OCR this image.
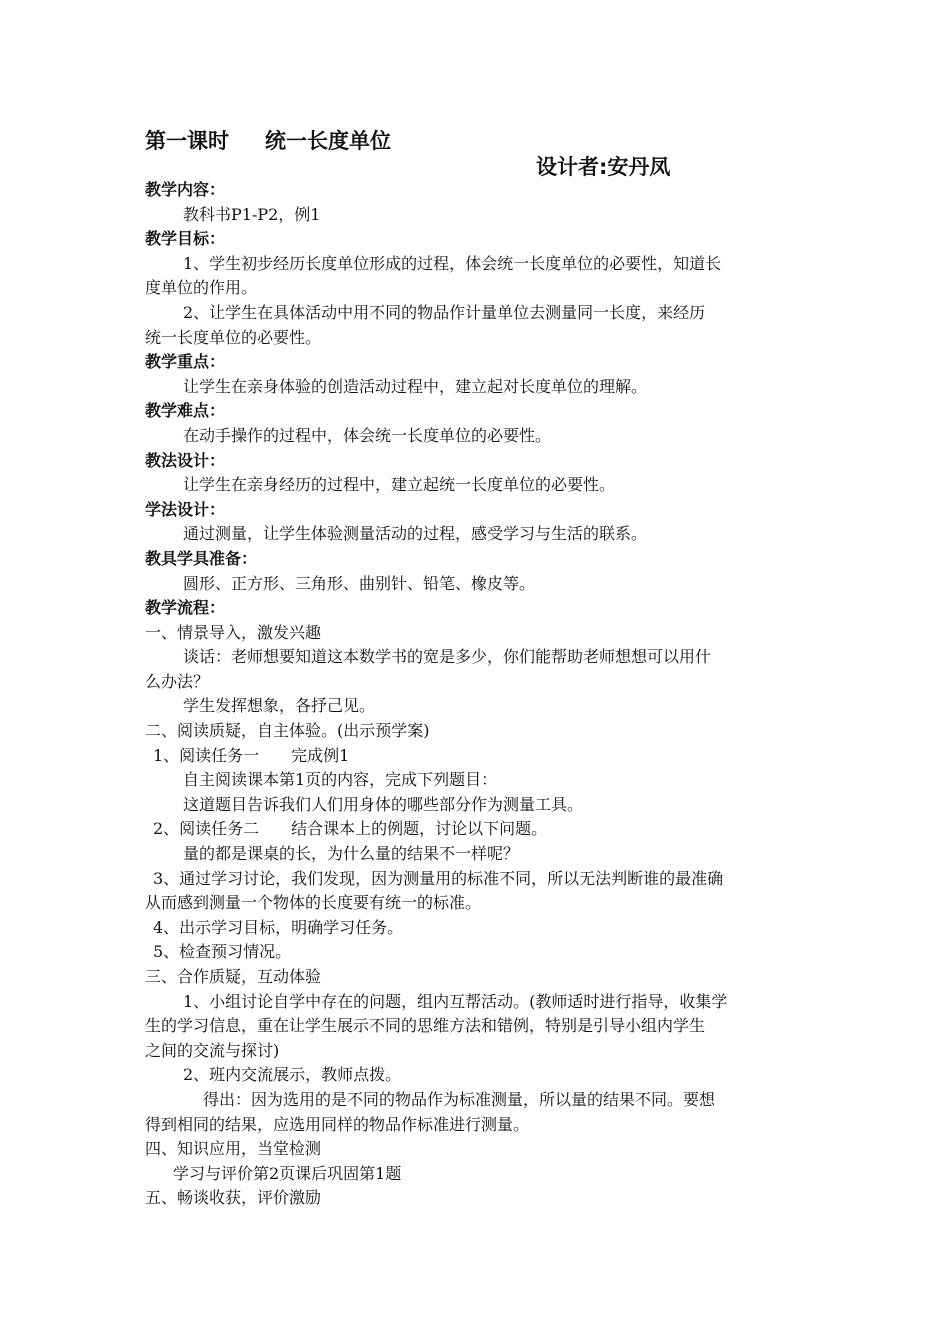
第一课时 统一长度单位
设计者:安丹凤
教学内容：
教科书P1-P2，例1
教学目标：
1、学生初步经历长度单位形成的过程，体会统一长度单位的必要性，知道长
度单位的作用。
2、让学生在具体活动中用不同的物品作计量单位去测量同一长度，来经历
统一长度单位的必要性。
教学重点：
让学生在亲身体验的创造活动过程中，建立起对长度单位的理解。
教学难点：
在动手操作的过程中，体会统一长度单位的必要性。
教法设计：
让学生在亲身经历的过程中，建立起统一长度单位的必要性。
学法设计：
通过测量，让学生体验测量活动的过程，感受学习与生活的联系。
教具学具准备：
圆形、正方形、三角形、曲别针、铅笔、橡皮等。
教学流程：
一、情景导入，激发兴趣
谈话：老师想要知道这本数学书的宽是多少，你们能帮助老师想想可以用什
么办法？
学生发挥想象，各抒己见。
二、阅读质疑，自主体验。(出示预学案)
1、阅读任务一　　完成例1
自主阅读课本第1页的内容，完成下列题目：
这道题目告诉我们人们用身体的哪些部分作为测量工具。
2、阅读任务二　　结合课本上的例题，讨论以下问题。
量的都是课桌的长，为什么量的结果不一样呢？
3、通过学习讨论，我们发现，因为测量用的标准不同，所以无法判断谁的最准确
从而感到测量一个物体的长度要有统一的标准。
4、出示学习目标，明确学习任务。
5、检查预习情况。
三、合作质疑，互动体验
1、小组讨论自学中存在的问题，组内互帮活动。(教师适时进行指导，收集学
生的学习信息，重在让学生展示不同的思维方法和错例，特别是引导小组内学生
之间的交流与探讨)
2、班内交流展示，教师点拨。
得出：因为选用的是不同的物品作为标准测量，所以量的结果不同。要想
得到相同的结果，应选用同样的物品作标准进行测量。
四、知识应用，当堂检测
学习与评价第2页课后巩固第1题
五、畅谈收获，评价激励
